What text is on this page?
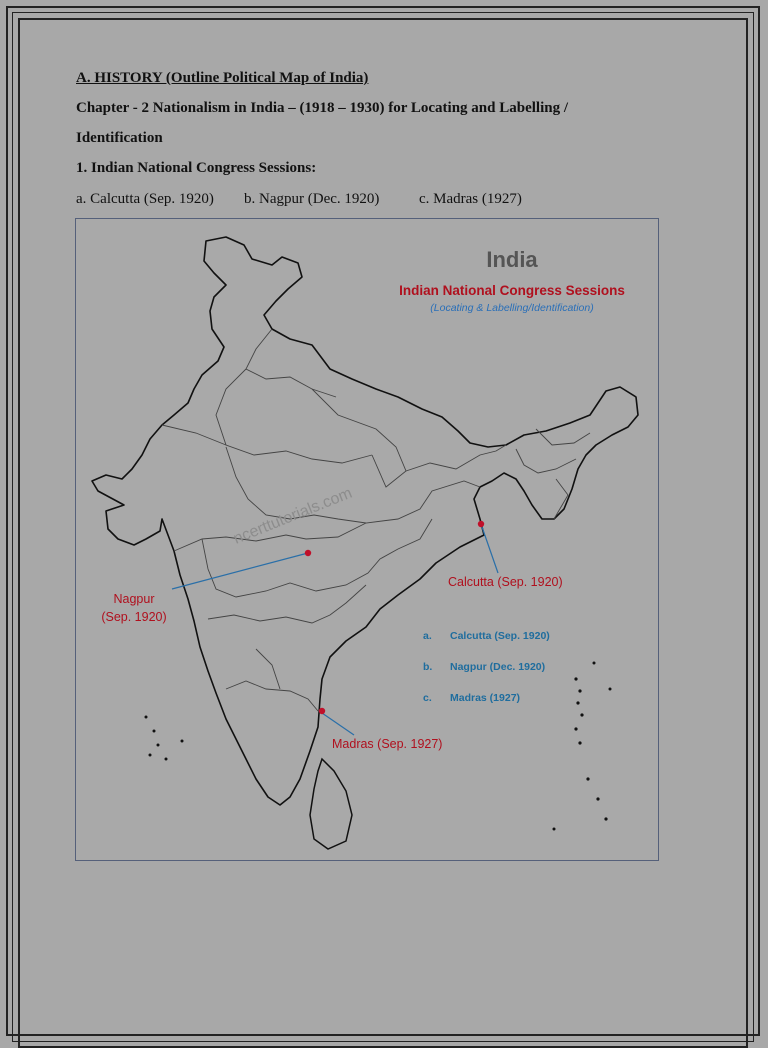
A. HISTORY (Outline Political Map of India)
Chapter - 2 Nationalism in India – (1918 – 1930) for Locating and Labelling /
Identification
1. Indian National Congress Sessions:
a. Calcutta (Sep. 1920) b. Nagpur (Dec. 1920)	c. Madras (1927)
ncerttutorials.com
India
Indian National Congress Sessions
(Locating & Labelling/Identification)
Nagpur
(Sep. 1920)
Calcutta (Sep. 1920)
Madras (Sep. 1927)
a. Calcutta (Sep. 1920)
b. Nagpur (Dec. 1920)
c. Madras (1927)
